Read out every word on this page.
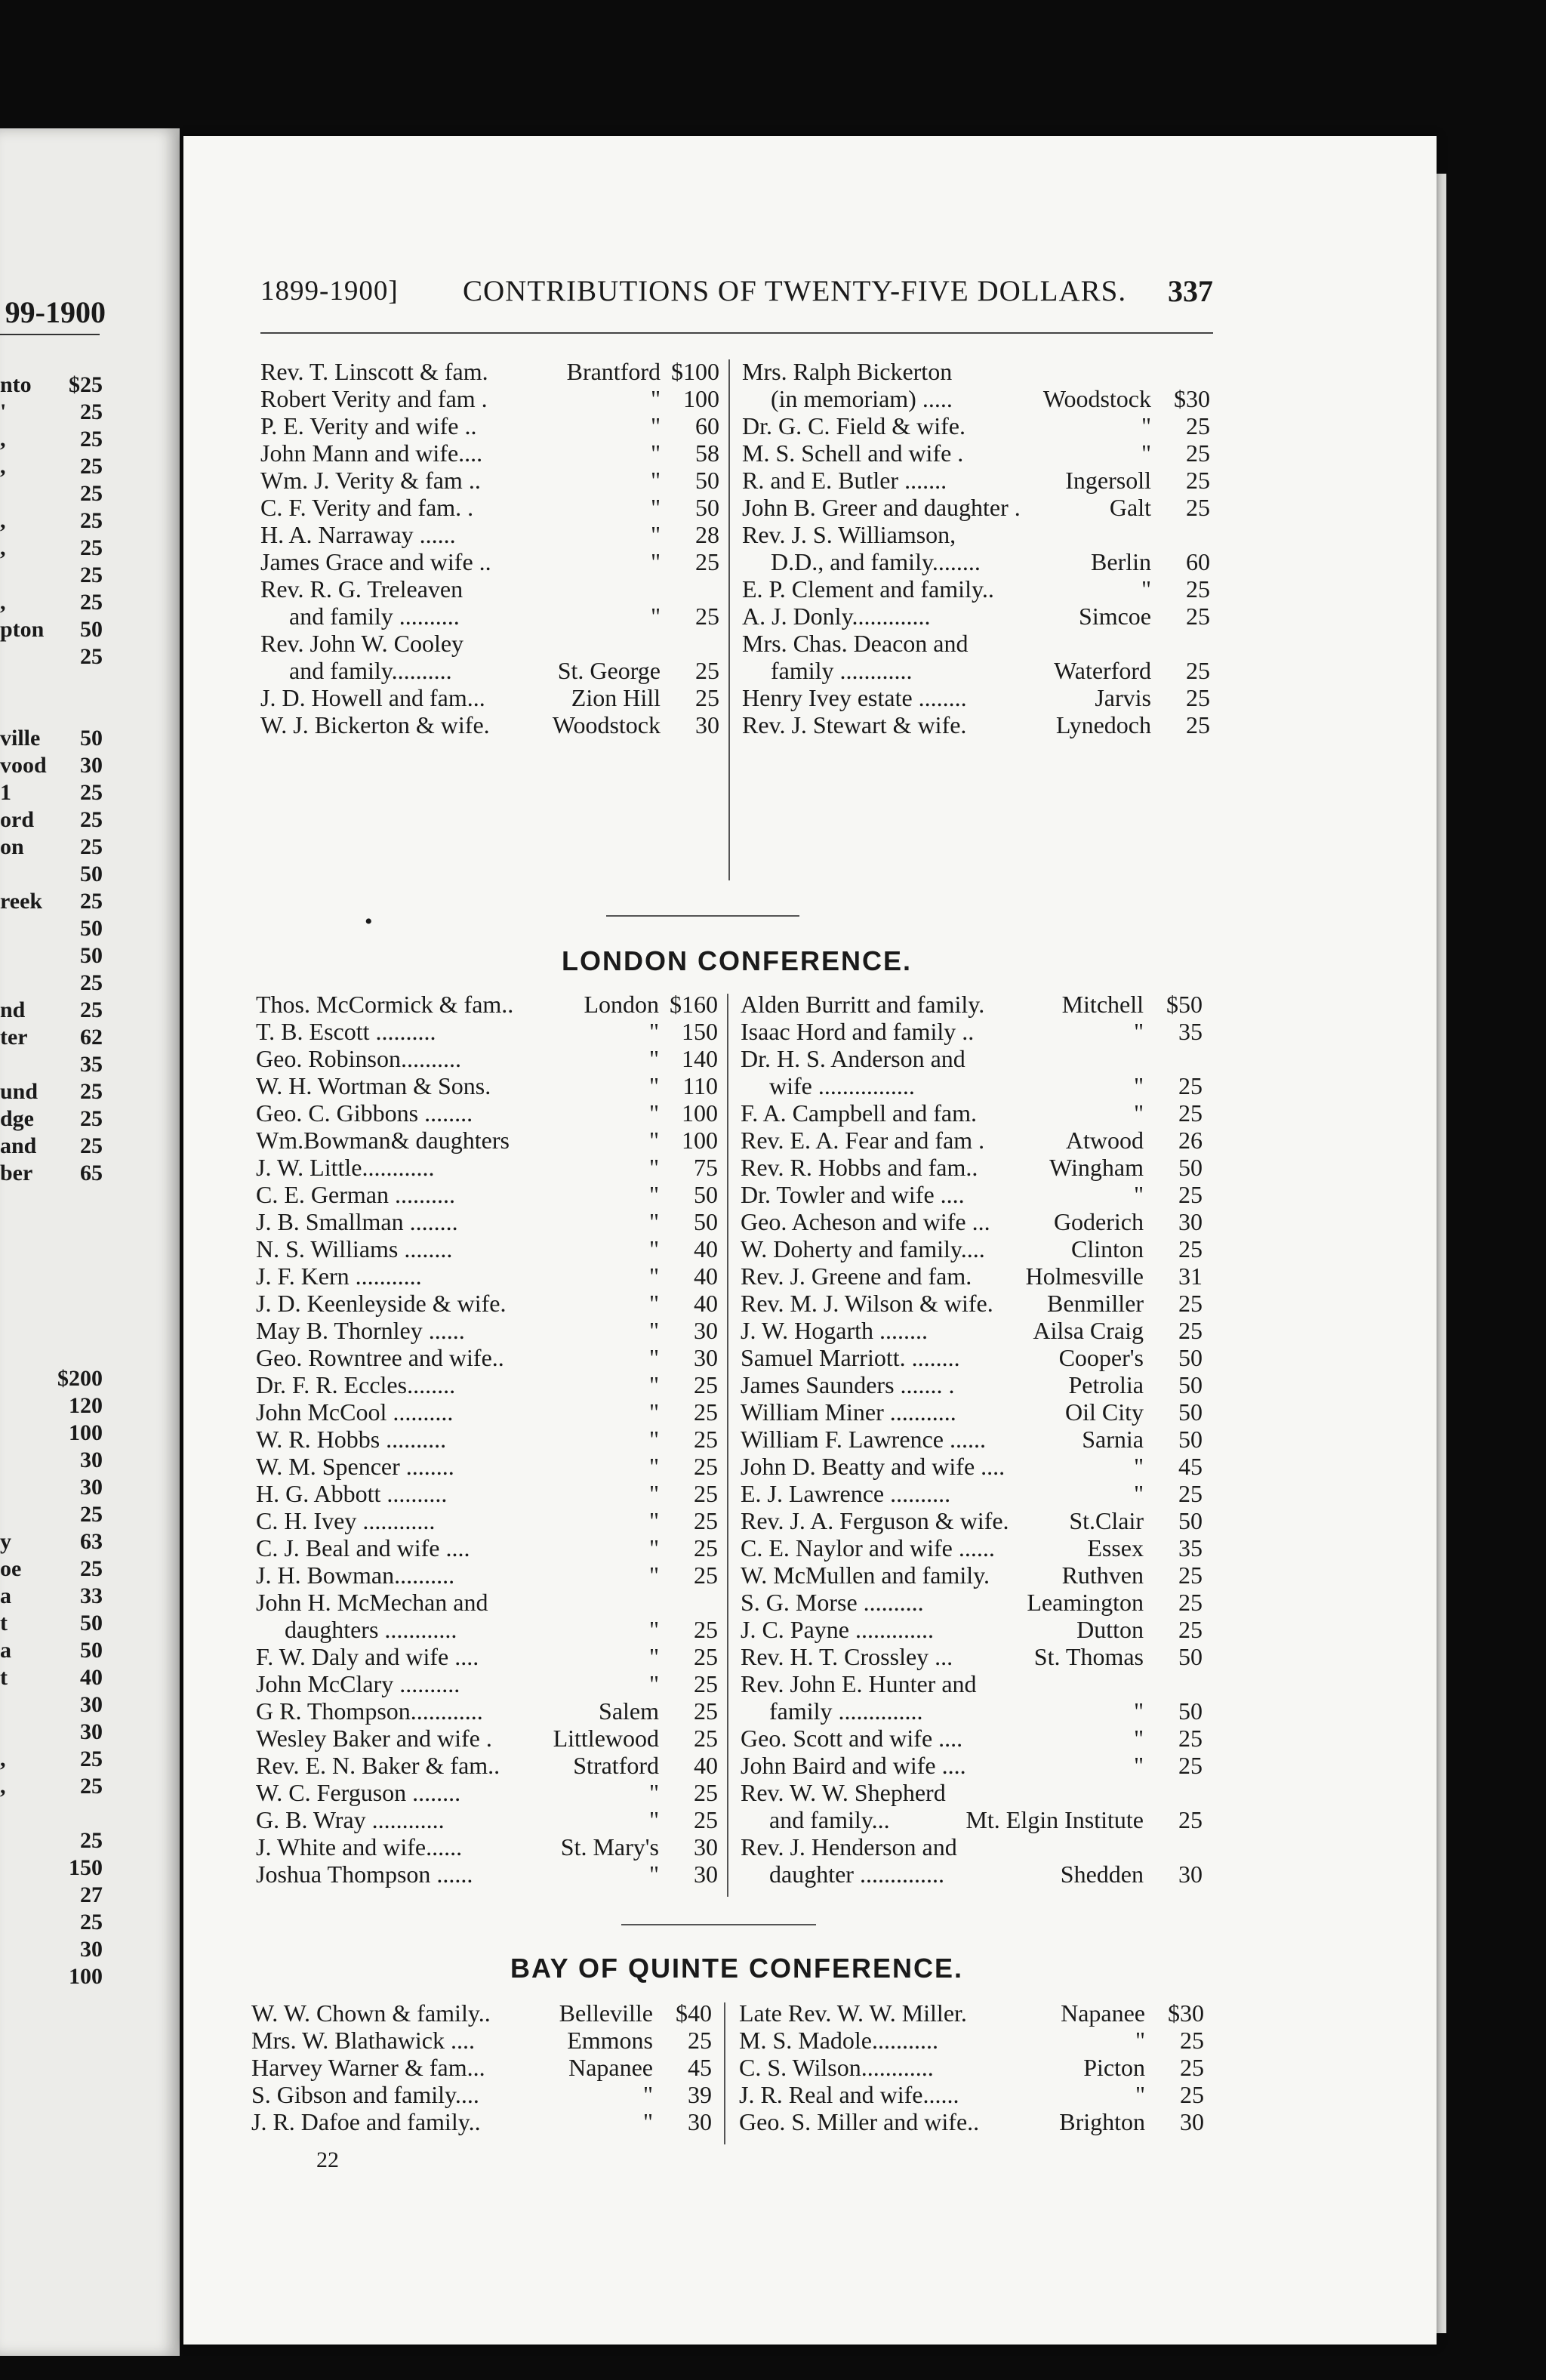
99-1900
nto $25
'	25
,	25
,	25
25
,	25
,	25
25
,	25
pton 50
25
ville 50
vood 30
1	25
ord 25
on 25
50
reek 25
50
50
25
nd 25
ter 62
35
und 25
dge 25
and 25
ber 65
$200
120
100
30
30
25
y	63
oe	25
a	33
t	50
a	50
t	40
30
30
,	25
,	25
25
150
27
25
30
100
1899-1900] CONTRIBUTIONS OF TWENTY-FIVE DOLLARS. 337
Rev. T. Linscott & fam.	Brantford $100
Robert Verity and fam .	" 100
P. E. Verity and wife ..	" 60
John Mann and wife....	" 58
Wm. J. Verity & fam ..	" 50
C. F. Verity and fam. .	" 50
H. A. Narraway ......	" 28
James Grace and wife ..	" 25
Rev. R. G. Treleaven
and family ..........	" 25
Rev. John W. Cooley
and family..........	St. George 25
J. D. Howell and fam...	Zion Hill 25
W. J. Bickerton & wife.	Woodstock 30
Mrs. Ralph Bickerton
(in memoriam) .....	Woodstock $30
Dr. G. C. Field & wife.	" 25
M. S. Schell and wife .	" 25
R. and E. Butler .......	Ingersoll 25
John B. Greer and daughter .	Galt 25
Rev. J. S. Williamson,
D.D., and family........	Berlin 60
E. P. Clement and family..	" 25
A. J. Donly.............	Simcoe 25
Mrs. Chas. Deacon and
family ............	Waterford 25
Henry Ivey estate ........	Jarvis 25
Rev. J. Stewart & wife.	Lynedoch 25
•
LONDON CONFERENCE.
Thos. McCormick & fam..	London $160
T. B. Escott ..........	" 150
Geo. Robinson..........	" 140
W. H. Wortman & Sons.	" 110
Geo. C. Gibbons ........	" 100
Wm.Bowman& daughters	" 100
J. W. Little............	" 75
C. E. German ..........	" 50
J. B. Smallman ........	" 50
N. S. Williams ........	" 40
J. F. Kern ...........	" 40
J. D. Keenleyside & wife.	" 40
May B. Thornley ......	" 30
Geo. Rowntree and wife..	" 30
Dr. F. R. Eccles........	" 25
John McCool ..........	" 25
W. R. Hobbs ..........	" 25
W. M. Spencer ........	" 25
H. G. Abbott ..........	" 25
C. H. Ivey ............	" 25
C. J. Beal and wife ....	" 25
J. H. Bowman..........	" 25
John H. McMechan and
daughters ............	" 25
F. W. Daly and wife ....	" 25
John McClary ..........	" 25
G R. Thompson............	Salem 25
Wesley Baker and wife .	Littlewood 25
Rev. E. N. Baker & fam..	Stratford 40
W. C. Ferguson ........	" 25
G. B. Wray ............	" 25
J. White and wife......	St. Mary's 30
Joshua Thompson ......	" 30
Alden Burritt and family.	Mitchell $50
Isaac Hord and family ..	" 35
Dr. H. S. Anderson and
wife ................	" 25
F. A. Campbell and fam.	" 25
Rev. E. A. Fear and fam .	Atwood 26
Rev. R. Hobbs and fam..	Wingham 50
Dr. Towler and wife ....	" 25
Geo. Acheson and wife ...	Goderich 30
W. Doherty and family....	Clinton 25
Rev. J. Greene and fam. Holmesville 31
Rev. M. J. Wilson & wife. Benmiller 25
J. W. Hogarth ........	Ailsa Craig 25
Samuel Marriott. ........	Cooper's 50
James Saunders ....... .	Petrolia 50
William Miner ...........	Oil City 50
William F. Lawrence ......	Sarnia 50
John D. Beatty and wife ....	" 45
E. J. Lawrence ..........	" 25
Rev. J. A. Ferguson & wife. St.Clair 50
C. E. Naylor and wife ......	Essex 35
W. McMullen and family.	Ruthven 25
S. G. Morse ..........	Leamington 25
J. C. Payne .............	Dutton 25
Rev. H. T. Crossley ...	St. Thomas 50
Rev. John E. Hunter and
family ..............	" 50
Geo. Scott and wife ....	" 25
John Baird and wife ....	" 25
Rev. W. W. Shepherd
and family...	Mt. Elgin Institute 25
Rev. J. Henderson and
daughter ..............	Shedden 30
BAY OF QUINTE CONFERENCE.
W. W. Chown & family..	Belleville $40
Mrs. W. Blathawick ....	Emmons 25
Harvey Warner & fam...	Napanee 45
S. Gibson and family....	" 39
J. R. Dafoe and family..	" 30
Late Rev. W. W. Miller.	Napanee $30
M. S. Madole...........	" 25
C. S. Wilson............	Picton 25
J. R. Real and wife......	" 25
Geo. S. Miller and wife..	Brighton 30
22
